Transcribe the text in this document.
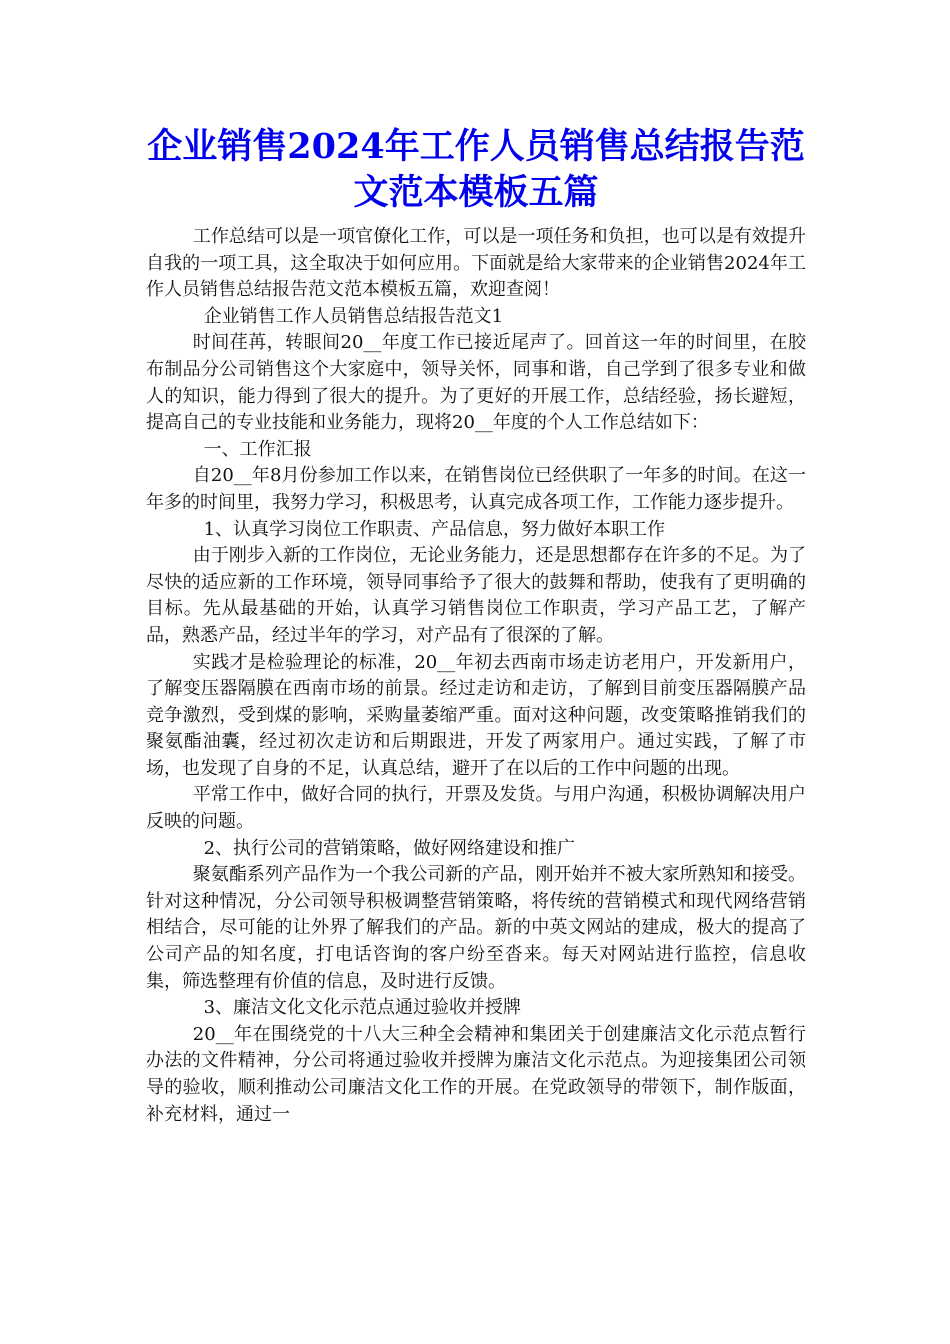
企业销售2024年工作人员销售总结报告范文范本模板五篇

工作总结可以是一项官僚化工作，可以是一项任务和负担，也可以是有效提升自我的一项工具，这全取决于如何应用。下面就是给大家带来的企业销售2024年工作人员销售总结报告范文范本模板五篇，欢迎查阅！

企业销售工作人员销售总结报告范文1

时间荏苒，转眼间20__年度工作已接近尾声了。回首这一年的时间里，在胶布制品分公司销售这个大家庭中，领导关怀，同事和谐，自己学到了很多专业和做人的知识，能力得到了很大的提升。为了更好的开展工作，总结经验，扬长避短，提高自己的专业技能和业务能力，现将20__年度的个人工作总结如下：

一、工作汇报

自20__年8月份参加工作以来，在销售岗位已经供职了一年多的时间。在这一年多的时间里，我努力学习，积极思考，认真完成各项工作，工作能力逐步提升。

1、认真学习岗位工作职责、产品信息，努力做好本职工作

由于刚步入新的工作岗位，无论业务能力，还是思想都存在许多的不足。为了尽快的适应新的工作环境，领导同事给予了很大的鼓舞和帮助，使我有了更明确的目标。先从最基础的开始，认真学习销售岗位工作职责，学习产品工艺，了解产品，熟悉产品，经过半年的学习，对产品有了很深的了解。

实践才是检验理论的标准，20__年初去西南市场走访老用户，开发新用户，了解变压器隔膜在西南市场的前景。经过走访和走访，了解到目前变压器隔膜产品竞争激烈，受到煤的影响，采购量萎缩严重。面对这种问题，改变策略推销我们的聚氨酯油囊，经过初次走访和后期跟进，开发了两家用户。通过实践，了解了市场，也发现了自身的不足，认真总结，避开了在以后的工作中问题的出现。

平常工作中，做好合同的执行，开票及发货。与用户沟通，积极协调解决用户反映的问题。

2、执行公司的营销策略，做好网络建设和推广

聚氨酯系列产品作为一个我公司新的产品，刚开始并不被大家所熟知和接受。针对这种情况，分公司领导积极调整营销策略，将传统的营销模式和现代网络营销相结合，尽可能的让外界了解我们的产品。新的中英文网站的建成，极大的提高了公司产品的知名度，打电话咨询的客户纷至沓来。每天对网站进行监控，信息收集，筛选整理有价值的信息，及时进行反馈。

3、廉洁文化文化示范点通过验收并授牌

20__年在围绕党的十八大三种全会精神和集团关于创建廉洁文化示范点暂行办法的文件精神，分公司将通过验收并授牌为廉洁文化示范点。为迎接集团公司领导的验收，顺利推动公司廉洁文化工作的开展。在党政领导的带领下，制作版面，补充材料，通过一
